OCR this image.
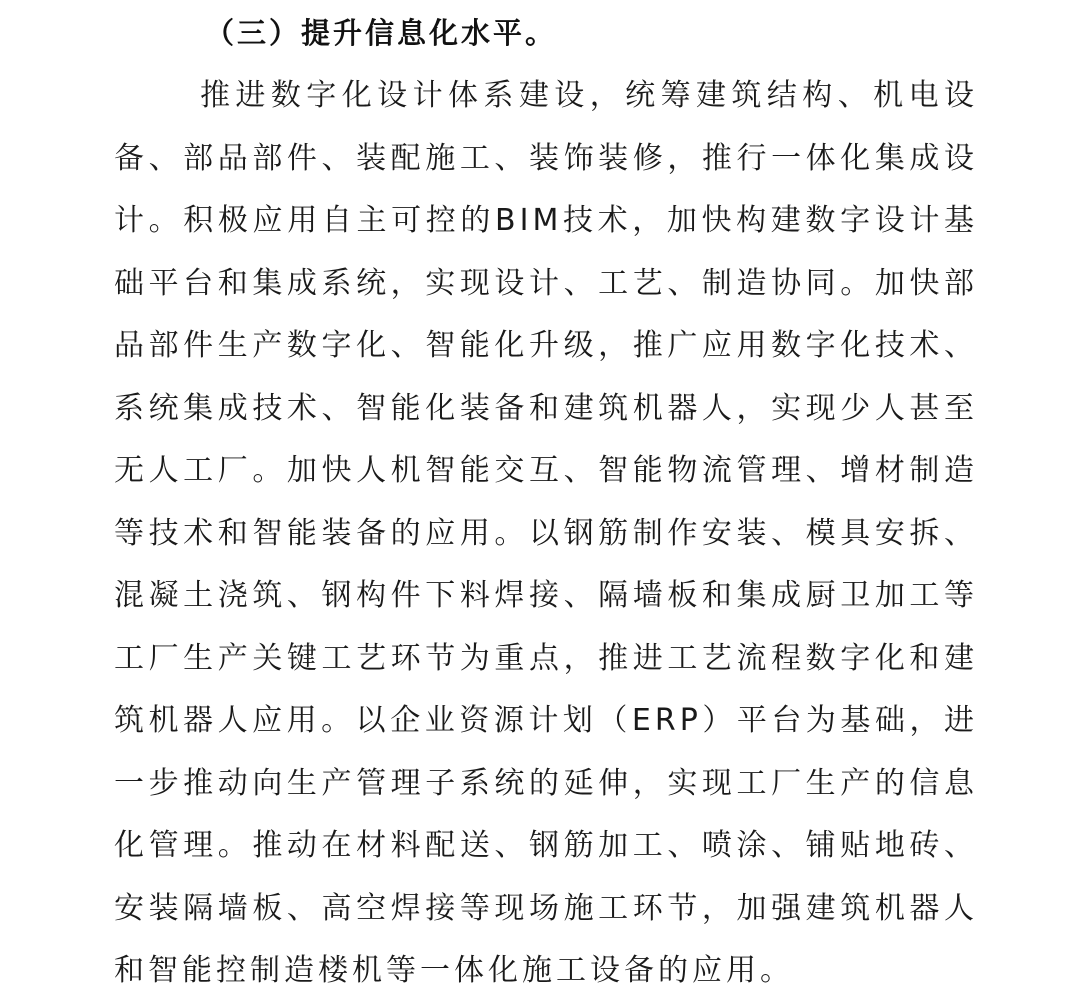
（三）提升信息化水平。
推进数字化设计体系建设，统筹建筑结构、机电设
备、部品部件、装配施工、装饰装修，推行一体化集成设
计。积极应用自主可控的BIM技术，加快构建数字设计基
础平台和集成系统，实现设计、工艺、制造协同。加快部
品部件生产数字化、智能化升级，推广应用数字化技术、
系统集成技术、智能化装备和建筑机器人，实现少人甚至
无人工厂。加快人机智能交互、智能物流管理、增材制造
等技术和智能装备的应用。以钢筋制作安装、模具安拆、
混凝土浇筑、钢构件下料焊接、隔墙板和集成厨卫加工等
工厂生产关键工艺环节为重点，推进工艺流程数字化和建
筑机器人应用。以企业资源计划（ERP）平台为基础，进
一步推动向生产管理子系统的延伸，实现工厂生产的信息
化管理。推动在材料配送、钢筋加工、喷涂、铺贴地砖、
安装隔墙板、高空焊接等现场施工环节，加强建筑机器人
和智能控制造楼机等一体化施工设备的应用。
